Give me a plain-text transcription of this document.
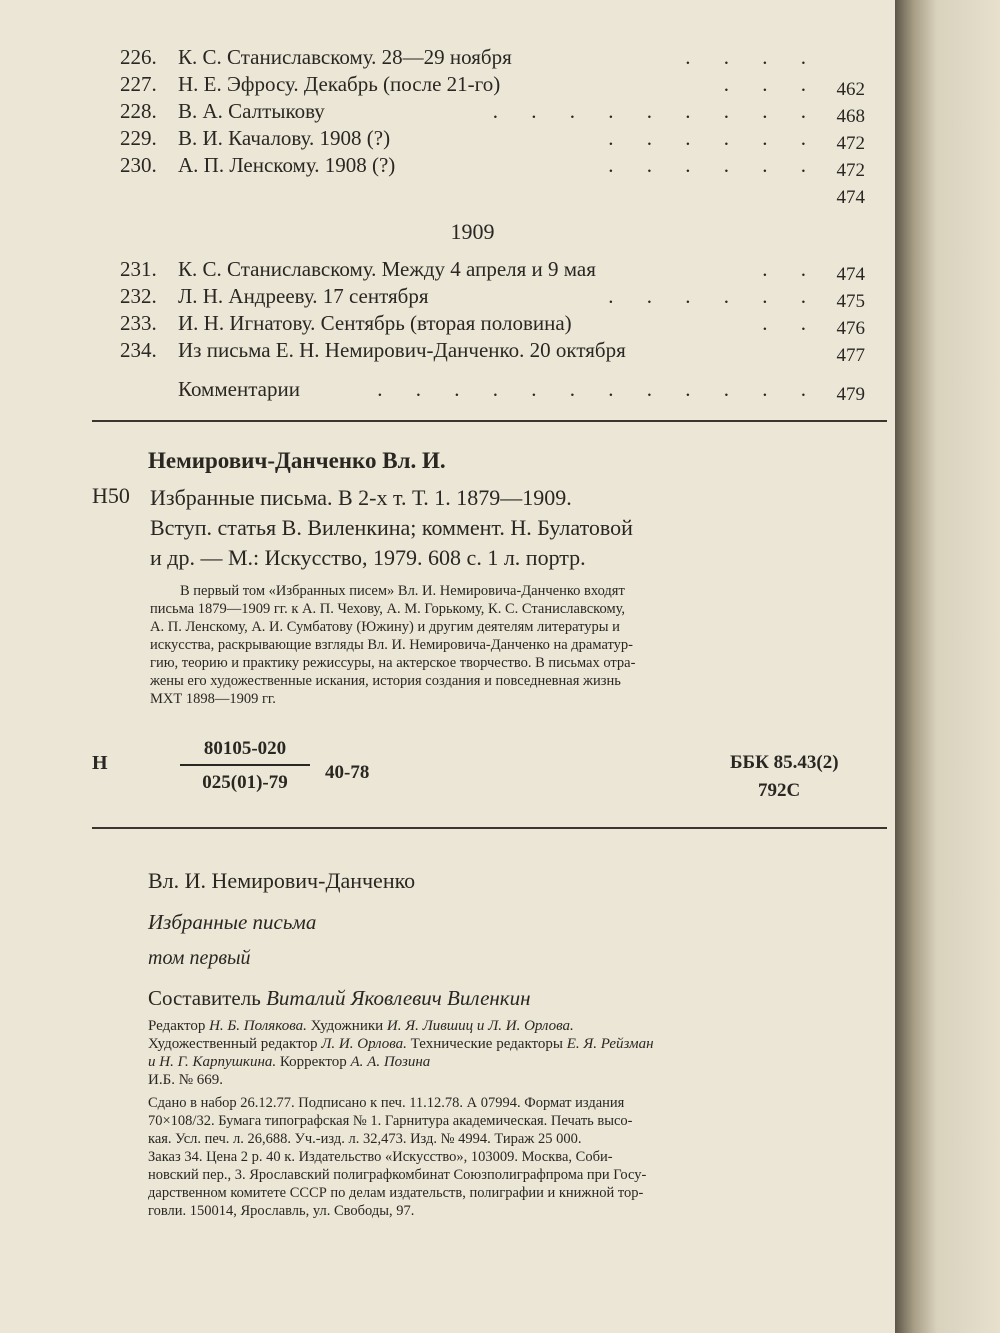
226. К. С. Станиславскому. 28—29 ноября	. . . .
227. Н. Е. Эфросу. Декабрь (после 21-го)	. . . 462
228. В. А. Салтыкову	. . . . . . . . . 468
229. В. И. Качалову. 1908 (?)	. . . . . . 472
230. А. П. Ленскому. 1908 (?)	. . . . . . 472
474
1909
231. К. С. Станиславскому. Между 4 апреля и 9 мая	. . 474
232. Л. Н. Андрееву. 17 сентября	. . . . . . 475
233. И. Н. Игнатову. Сентябрь (вторая половина)	. . 476
234. Из письма Е. Н. Немирович-Данченко. 20 октября	477
Комментарии	. . . . . . . . . . . . 479
Немирович-Данченко Вл. И.
Н50 Избранные письма. В 2-х т. Т. 1. 1879—1909.
Вступ. статья В. Виленкина; коммент. Н. Булатовой
и др. — М.: Искусство, 1979. 608 с. 1 л. портр.
В первый том «Избранных писем» Вл. И. Немировича-Данченко входят
письма 1879—1909 гг. к А. П. Чехову, А. М. Горькому, К. С. Станиславскому,
А. П. Ленскому, А. И. Сумбатову (Южину) и другим деятелям литературы и
искусства, раскрывающие взгляды Вл. И. Немировича-Данченко на драматур-
гию, теорию и практику режиссуры, на актерское творчество. В письмах отра-
жены его художественные искания, история создания и повседневная жизнь
МХТ 1898—1909 гг.
Н	$\frac{80105-020}{025(01)-79} 40-78$	ББК 85.43(2)
792С
Вл. И. Немирович-Данченко
Избранные письма
том первый
Составитель Виталий Яковлевич Виленкин
Редактор Н. Б. Полякова. Художники И. Я. Лившиц и Л. И. Орлова.
Художественный редактор Л. И. Орлова. Технические редакторы Е. Я. Рейзман
и Н. Г. Карпушкина. Корректор А. А. Позина
И.Б. № 669.
Сдано в набор 26.12.77. Подписано к печ. 11.12.78. А 07994. Формат издания
70×108/32. Бумага типографская № 1. Гарнитура академическая. Печать высо-
кая. Усл. печ. л. 26,688. Уч.-изд. л. 32,473. Изд. № 4994. Тираж 25 000.
Заказ 34. Цена 2 р. 40 к. Издательство «Искусство», 103009. Москва, Соби-
новский пер., 3. Ярославский полиграфкомбинат Союзполиграфпрома при Госу-
дарственном комитете СССР по делам издательств, полиграфии и книжной тор-
говли. 150014, Ярославль, ул. Свободы, 97.
